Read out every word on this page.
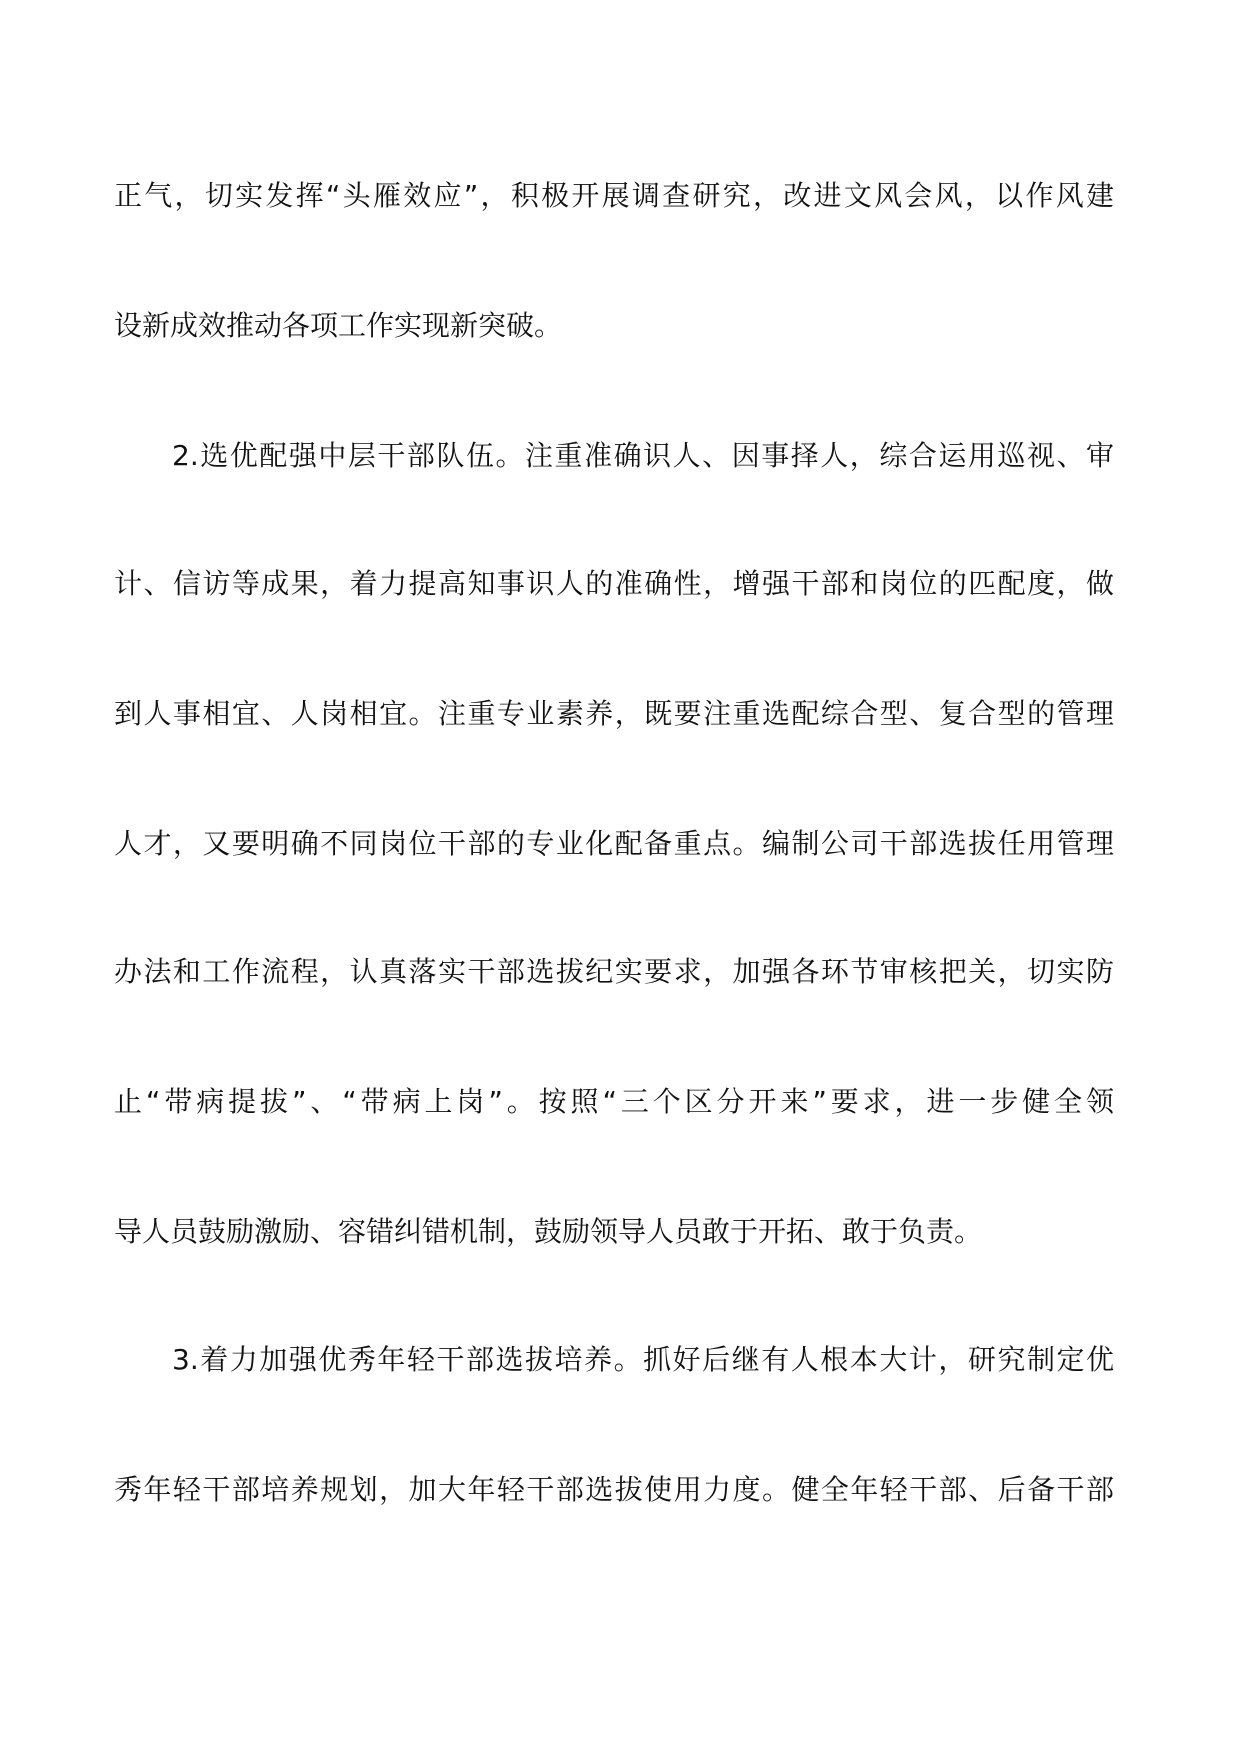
正气，切实发挥“头雁效应”，积极开展调查研究，改进文风会风，以作风建
设新成效推动各项工作实现新突破。
2.选优配强中层干部队伍。注重准确识人、因事择人，综合运用巡视、审
计、信访等成果，着力提高知事识人的准确性，增强干部和岗位的匹配度，做
到人事相宜、人岗相宜。注重专业素养，既要注重选配综合型、复合型的管理
人才，又要明确不同岗位干部的专业化配备重点。编制公司干部选拔任用管理
办法和工作流程，认真落实干部选拔纪实要求，加强各环节审核把关，切实防
止“带病提拔”、“带病上岗”。按照“三个区分开来”要求，进一步健全领
导人员鼓励激励、容错纠错机制，鼓励领导人员敢于开拓、敢于负责。
3.着力加强优秀年轻干部选拔培养。抓好后继有人根本大计，研究制定优
秀年轻干部培养规划，加大年轻干部选拔使用力度。健全年轻干部、后备干部
